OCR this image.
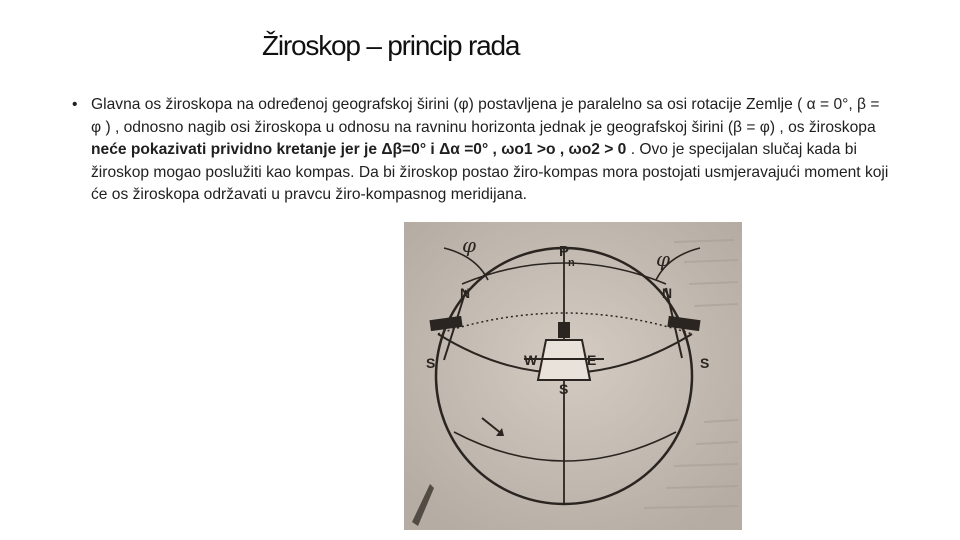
Žiroskop – princip rada
• Glavna os žiroskopa na određenoj geografskoj širini (φ) postavljena je paralelno sa osi rotacije Zemlje ( α = 0°, β = φ ) , odnosno nagib osi žiroskopa u odnosu na ravninu horizonta jednak je geografskoj širini (β = φ) , os žiroskopa neće pokazivati prividno kretanje jer je Δβ=0° i Δα =0° , ωo1 >o , ωo2 > 0 . Ovo je specijalan slučaj kada bi žiroskop mogao poslužiti kao kompas. Da bi žiroskop postao žiro-kompas mora postojati usmjeravajući moment koji će os žiroskopa održavati u pravcu žiro-kompasnog meridijana.
φ
φ
P
n
N
N
N
S
S
S
W	E
